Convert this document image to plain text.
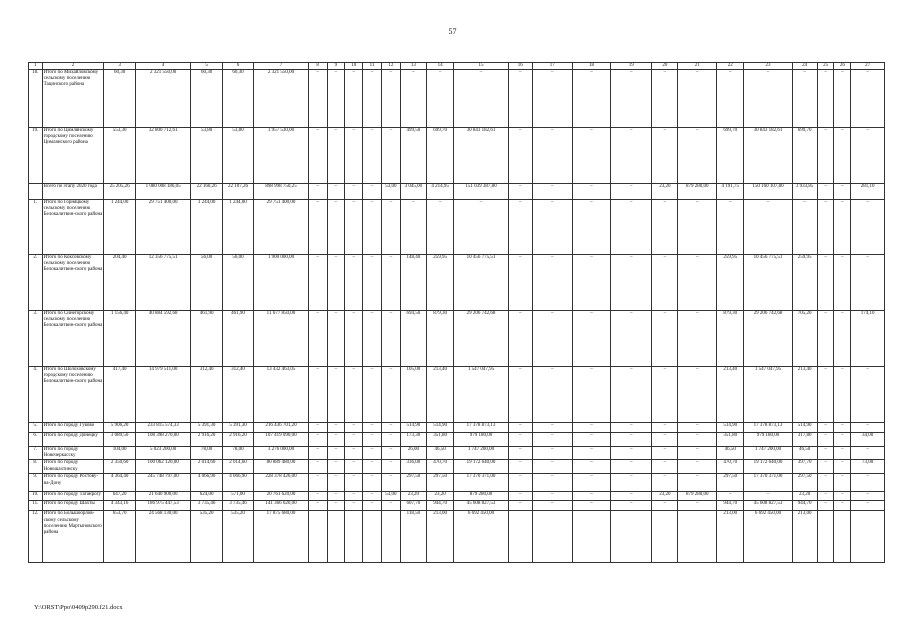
57
1	2	3	4	5	6	7	8	9	10	11	12	13	14	15	16	17	18	19	20	21	22	23	24	25	26	27
18.	Итого по Михайловскому сельскому поселению Тацинского района	60,30	2 321 550,00	60,30	60,30	2 321 550,00	–	–	–	–	–	–	–	–	–	–	–	–	–	–	–	–	–	–	–	–
19.	Итого по Цимлянскому городскому поселению Цимлянского района	553,30	32 800 712,61	53,80	53,80	1 957 530,00	–	–	–	–	–	499,50	699,70	30 843 182,61	–	–	–	–	–	–	699,70	30 843 182,61	699,70	–	–	–
	Всего по этапу 2020 года	25 205,26	1 080 008 186,05	22 160,26	22 107,26	898 998 750,25	–	–	–	–	53,00	3 045,00	4 214,95	151 039 387,80	–	–	–	–	23,20	879 280,00	4 191,75	150 160 107,80	3 933,85	–	–	281,10
1.	Итого по Горняцкому сельскому поселению Белокалитвин-ского района	1 244,00	29 751 400,00	1 244,00	1 244,00	29 751 400,00	–	–	–	–	–	–	–	–	–	–	–	–	–	–	–	–	–	–	–	–
2.	Итого по Коксовскому сельскому поселению Белокалитвин-ского района	204,40	12 356 775,51	56,00	56,00	1 900 000,00	–	–	–	–	–	148,40	259,95	10 456 775,51	–	–	–	–	–	–	259,95	10 456 775,51	259,95	–	–	–
3.	Итого по Синегорскому сельскому поселению Белокалитвин-ского района	1 156,40	40 884 592,68	461,90	461,90	11 677 850,00	–	–	–	–	–	694,50	879,30	29 206 742,68	–	–	–	–	–	–	879,30	29 206 742,68	705,20	–	–	174,10
4.	Итого по Шолоховскому городскому поселению Белокалитвин-ского района	417,40	14 979 511,00	312,40	312,40	13 432 463,05	–	–	–	–	–	105,00	213,40	1 547 047,95	–	–	–	–	–	–	213,40	1 547 047,95	213,40	–	–	–
5.	Итого по городу Гуково	5 906,20	233 815 574,33	5 391,30	5 391,30	216 436 701,20	–	–	–	–	–	514,90	514,90	17 378 873,13	–	–	–	–	–	–	514,90	17 378 873,13	514,90	–	–	–
6.	Итого по городу Донецку	3 089,50	108 398 270,00	2 916,20	2 916,20	107 419 090,00	–	–	–	–	–	173,30	351,80	979 180,00	–	–	–	–	–	–	351,80	979 180,00	317,80	–	–	34,00
7.	Итого по городу Новочеркасску	104,00	5 023 200,00	78,00	78,00	3 276 000,00	–	–	–	–	–	26,00	46,50	1 747 200,00	–	–	–	–	–	–	46,50	1 747 200,00	46,50	–	–	–
8.	Итого по городу Новошахтинску	2 350,60	100 062 120,00	2 014,60	2 014,60	80 889 480,00	–	–	–	–	–	336,00	470,70	19 172 640,00	–	–	–	–	–	–	470,70	19 172 640,00	397,70	–	–	73,00
9.	Итого по городу Ростову-на-Дону	4 364,40	245 748 797,00	4 066,90	4 066,90	228 378 426,00	–	–	–	–	–	297,50	297,50	17 370 371,00	–	–	–	–	–	–	297,50	17 370 371,00	297,50	–	–	–
10.	Итого по городу Таганрогу	647,20	21 640 900,00	624,00	571,00	20 761 620,00	–	–	–	–	53,00	23,20	23,20	879 280,00	–	–	–	–	23,20	879 280,00	–	–	23,20	–	–	–
11.	Итого по городу Шахты	4 343,16	186 975 447,53	3 735,46	3 735,46	141 366 620,00	–	–	–	–	–	607,70	944,70	45 608 827,53	–	–	–	–	–	–	944,70	45 608 827,53	944,70	–	–	–
12.	Итого по Большоорлов-скому сельскому поселению Мартыновского района	653,70	24 568 130,00	535,20	535,20	17 875 680,00						118,50	213,00	6 692 450,00							213,00	6 692 450,00	213,00			
Y:\ORST\Ppo\0409p290.f21.docx
